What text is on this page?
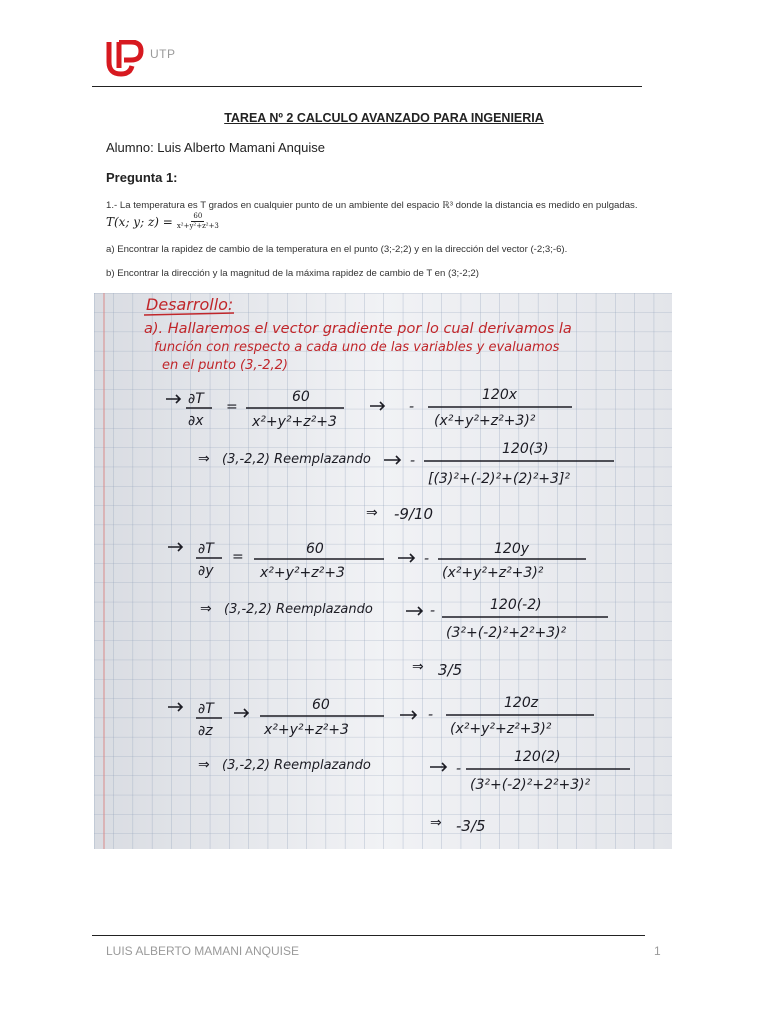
UTP
TAREA Nº 2 CALCULO AVANZADO PARA INGENIERIA
Alumno: Luis Alberto Mamani Anquise
Pregunta 1:
1.- La temperatura es T grados en cualquier punto de un ambiente del espacio ℝ³ donde la distancia es medido en pulgadas.
T(x; y; $z) = \frac{60}{\text{x²+y²+z²+3}}$
a) Encontrar la rapidez de cambio de la temperatura en el punto (3;-2;2) y en la dirección del vector (-2;3;-6).
b) Encontrar la dirección y la magnitud de la máxima rapidez de cambio de T en (3;-2;2)
Desarrollo:
a). Hallaremos el vector gradiente por lo cual derivamos la
función con respecto a cada uno de las variables y evaluamos
en el punto (3,-2,2)
∂T
∂x
=
60
x²+y²+z²+3
-
120x
(x²+y²+z²+3)²
⇒ (3,-2,2) Reemplazando	-
120(3)
[(3)²+(-2)²+(2)²+3]²
⇒ -9/10
∂T
∂y
=	60
x²+y²+z²+3
-
120y
(x²+y²+z²+3)²
⇒ (3,-2,2) Reemplazando	-	120(-2)
(3²+(-2)²+2²+3)²
⇒ 3/5
∂T
∂z
60
x²+y²+z²+3
-
120z
(x²+y²+z²+3)²
⇒ (3,-2,2) Reemplazando	-
120(2)
(3²+(-2)²+2²+3)²
⇒ -3/5
LUIS ALBERTO MAMANI ANQUISE	1
